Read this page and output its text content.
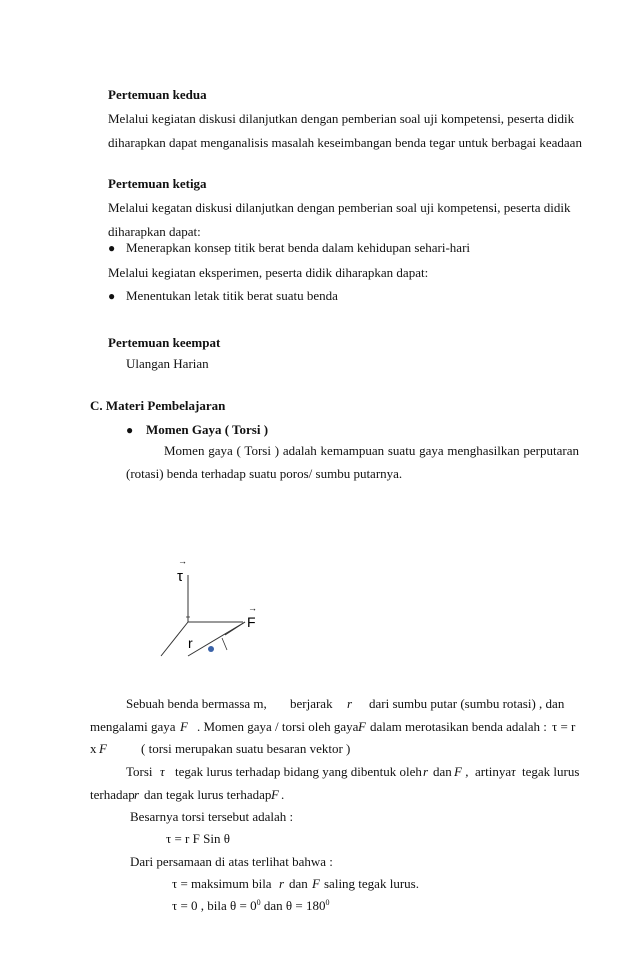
Pertemuan kedua
Melalui kegiatan diskusi dilanjutkan dengan pemberian soal uji kompetensi, peserta didik
diharapkan dapat menganalisis masalah keseimbangan benda tegar untuk berbagai keadaan
Pertemuan ketiga
Melalui kegatan diskusi dilanjutkan dengan pemberian soal uji kompetensi, peserta didik
diharapkan dapat:
● Menerapkan konsep titik berat benda dalam kehidupan sehari-hari
Melalui kegiatan eksperimen, peserta didik diharapkan dapat:
● Menentukan letak titik berat suatu benda
Pertemuan keempat
Ulangan Harian
C. Materi Pembelajaran
● Momen Gaya ( Torsi )
Momen gaya ( Torsi ) adalah kemampuan suatu gaya menghasilkan perputaran
(rotasi) benda terhadap suatu poros/ sumbu putarnya.
→
τ
→
F
r
Sebuah benda bermassa m, berjarak r dari sumbu putar (sumbu rotasi) , dan
mengalami gaya F . Momen gaya / torsi oleh gaya F dalam merotasikan benda adalah : τ = r
x F	( torsi merupakan suatu besaran vektor )
Torsi τ tegak lurus terhadap bidang yang dibentuk oleh r dan F , artinya τ tegak lurus
terhadap r dan tegak lurus terhadap F .
Besarnya torsi tersebut adalah :
τ = r F Sin θ
Dari persamaan di atas terlihat bahwa :
τ = maksimum bila r dan F saling tegak lurus.
τ = 0 , bila $\theta = 0^0$ dan $\theta = 180^0$
